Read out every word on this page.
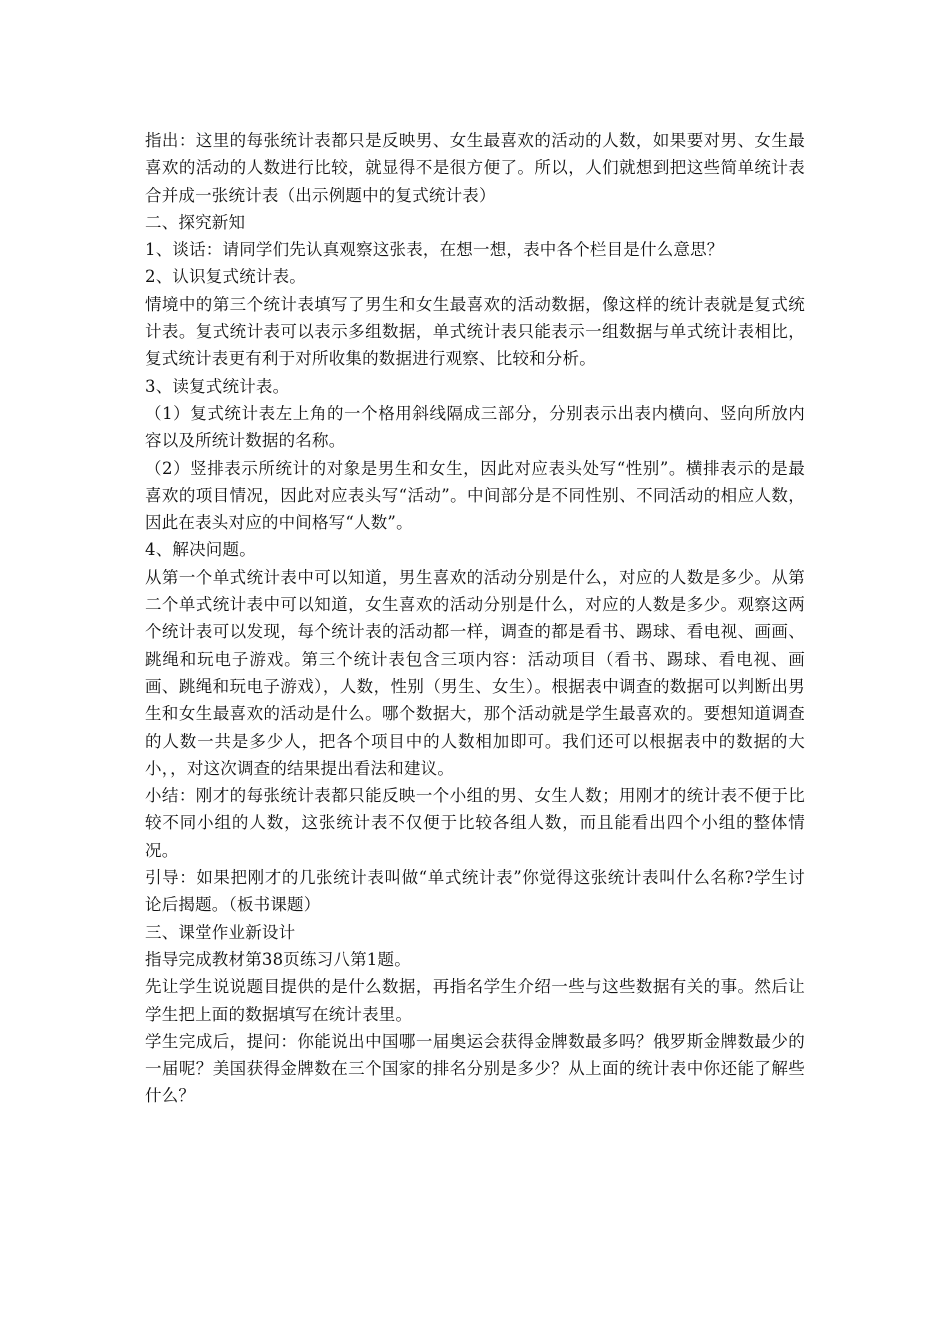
指出：这里的每张统计表都只是反映男、女生最喜欢的活动的人数，如果要对男、女生最喜欢的活动的人数进行比较，就显得不是很方便了。所以，人们就想到把这些简单统计表合并成一张统计表（出示例题中的复式统计表）

二、探究新知

1、谈话：请同学们先认真观察这张表，在想一想，表中各个栏目是什么意思？

2、认识复式统计表。

情境中的第三个统计表填写了男生和女生最喜欢的活动数据，像这样的统计表就是复式统计表。复式统计表可以表示多组数据，单式统计表只能表示一组数据与单式统计表相比，复式统计表更有利于对所收集的数据进行观察、比较和分析。

3、读复式统计表。

（1）复式统计表左上角的一个格用斜线隔成三部分，分别表示出表内横向、竖向所放内容以及所统计数据的名称。

（2）竖排表示所统计的对象是男生和女生，因此对应表头处写“性别”。横排表示的是最喜欢的项目情况，因此对应表头写“活动”。中间部分是不同性别、不同活动的相应人数，因此在表头对应的中间格写“人数”。

4、解决问题。

从第一个单式统计表中可以知道，男生喜欢的活动分别是什么，对应的人数是多少。从第二个单式统计表中可以知道，女生喜欢的活动分别是什么，对应的人数是多少。观察这两个统计表可以发现，每个统计表的活动都一样，调查的都是看书、踢球、看电视、画画、跳绳和玩电子游戏。第三个统计表包含三项内容：活动项目（看书、踢球、看电视、画画、跳绳和玩电子游戏），人数，性别（男生、女生）。根据表中调查的数据可以判断出男生和女生最喜欢的活动是什么。哪个数据大，那个活动就是学生最喜欢的。要想知道调查的人数一共是多少人，把各个项目中的人数相加即可。我们还可以根据表中的数据的大小，，对这次调查的结果提出看法和建议。

小结：刚才的每张统计表都只能反映一个小组的男、女生人数；用刚才的统计表不便于比较不同小组的人数，这张统计表不仅便于比较各组人数，而且能看出四个小组的整体情况。

引导：如果把刚才的几张统计表叫做“单式统计表”你觉得这张统计表叫什么名称?学生讨论后揭题。（板书课题）

三、课堂作业新设计

指导完成教材第38页练习八第1题。

先让学生说说题目提供的是什么数据，再指名学生介绍一些与这些数据有关的事。然后让学生把上面的数据填写在统计表里。

学生完成后，提问：你能说出中国哪一届奥运会获得金牌数最多吗？俄罗斯金牌数最少的一届呢？美国获得金牌数在三个国家的排名分别是多少？从上面的统计表中你还能了解些什么？
